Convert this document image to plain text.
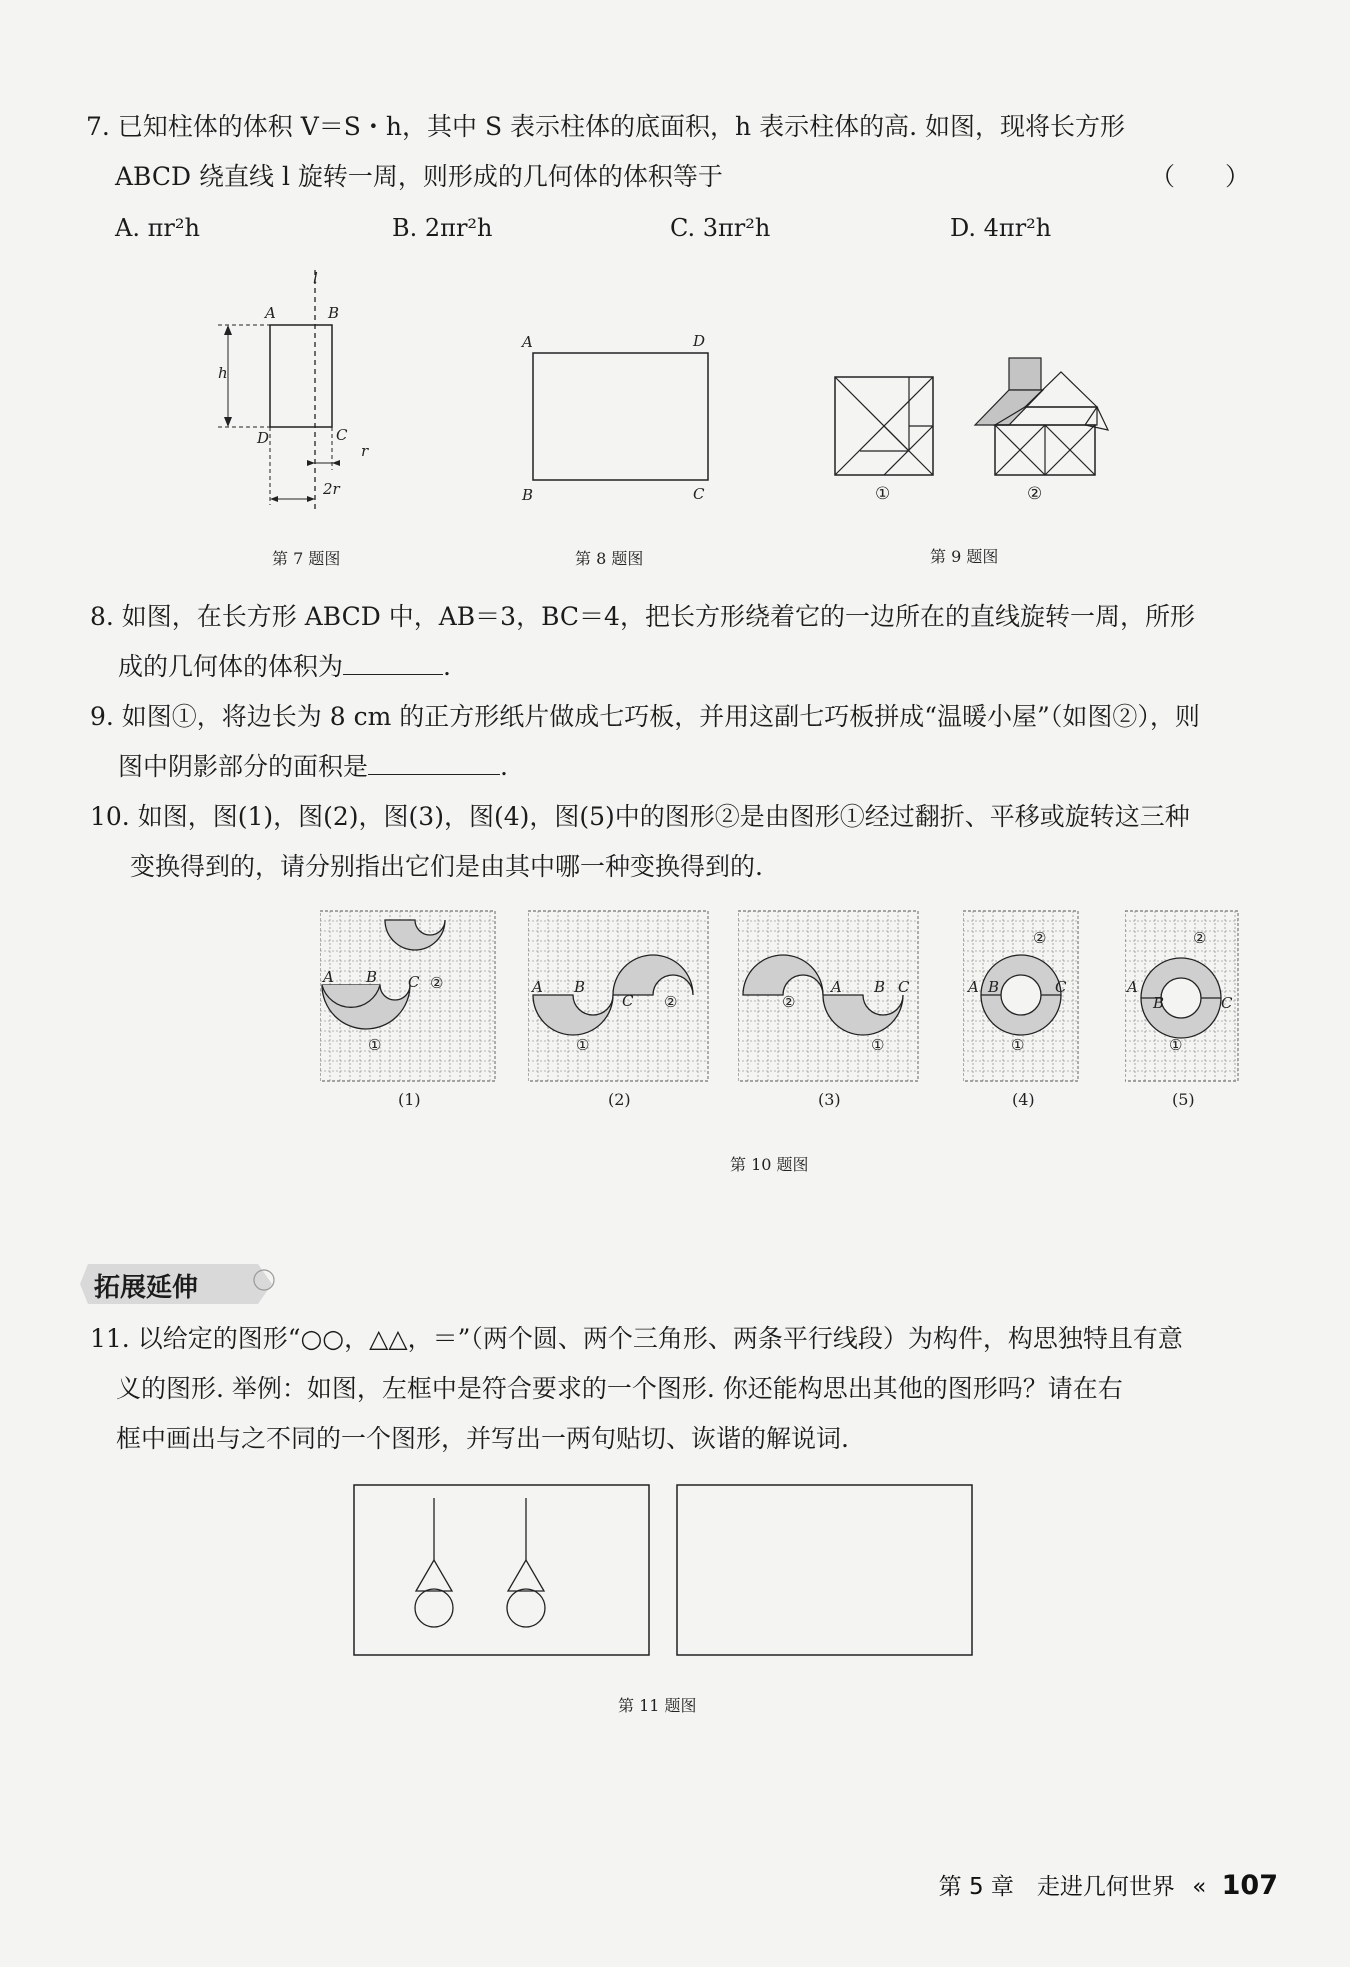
7. 已知柱体的体积 V＝S・h，其中 S 表示柱体的底面积，h 表示柱体的高. 如图，现将长方形
ABCD 绕直线 l 旋转一周，则形成的几何体的体积等于	（　　）
A. πr²h	B. 2πr²h	C. 3πr²h	D. 4πr²h
A	B
C
D
h
l
r
2r
第 7 题图
A	D
B	C
第 8 题图
①	②
第 9 题图
8. 如图，在长方形 ABCD 中，AB＝3，BC＝4，把长方形绕着它的一边所在的直线旋转一周，所形
成的几何体的体积为	.
9. 如图①，将边长为 8 cm 的正方形纸片做成七巧板，并用这副七巧板拼成“温暖小屋”（如图②），则
图中阴影部分的面积是	.
10. 如图，图(1)，图(2)，图(3)，图(4)，图(5)中的图形②是由图形①经过翻折、平移或旋转这三种
变换得到的，请分别指出它们是由其中哪一种变换得到的.
A B C ②
①
A B
C ②
①
A B C
②
①
A B	C
②
①
A
B	C
②
①
(1)	(2)	(3)	(4)	(5)
第 10 题图
拓展延伸
11. 以给定的图形“○○，△△，＝”（两个圆、两个三角形、两条平行线段）为构件，构思独特且有意
义的图形. 举例：如图，左框中是符合要求的一个图形. 你还能构思出其他的图形吗？请在右
框中画出与之不同的一个图形，并写出一两句贴切、诙谐的解说词.
第 11 题图
第 5 章　走进几何世界 « 107
